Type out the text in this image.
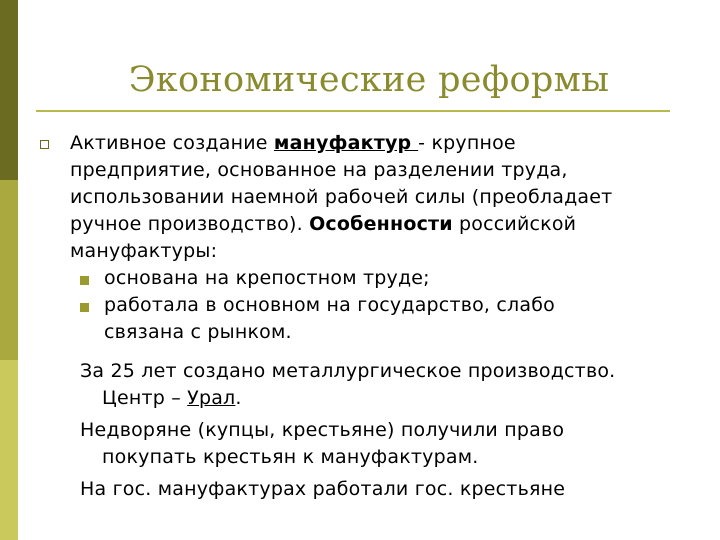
Экономические реформы
Активное создание мануфактур - крупное
предприятие, основанное на разделении труда,
использовании наемной рабочей силы (преобладает
ручное производство). Особенности российской
мануфактуры:
основана на крепостном труде;
работала в основном на государство, слабо
связана с рынком.
За 25 лет создано металлургическое производство.
Центр – Урал.
Недворяне (купцы, крестьяне) получили право
покупать крестьян к мануфактурам.
На гос. мануфактурах работали гос. крестьяне
